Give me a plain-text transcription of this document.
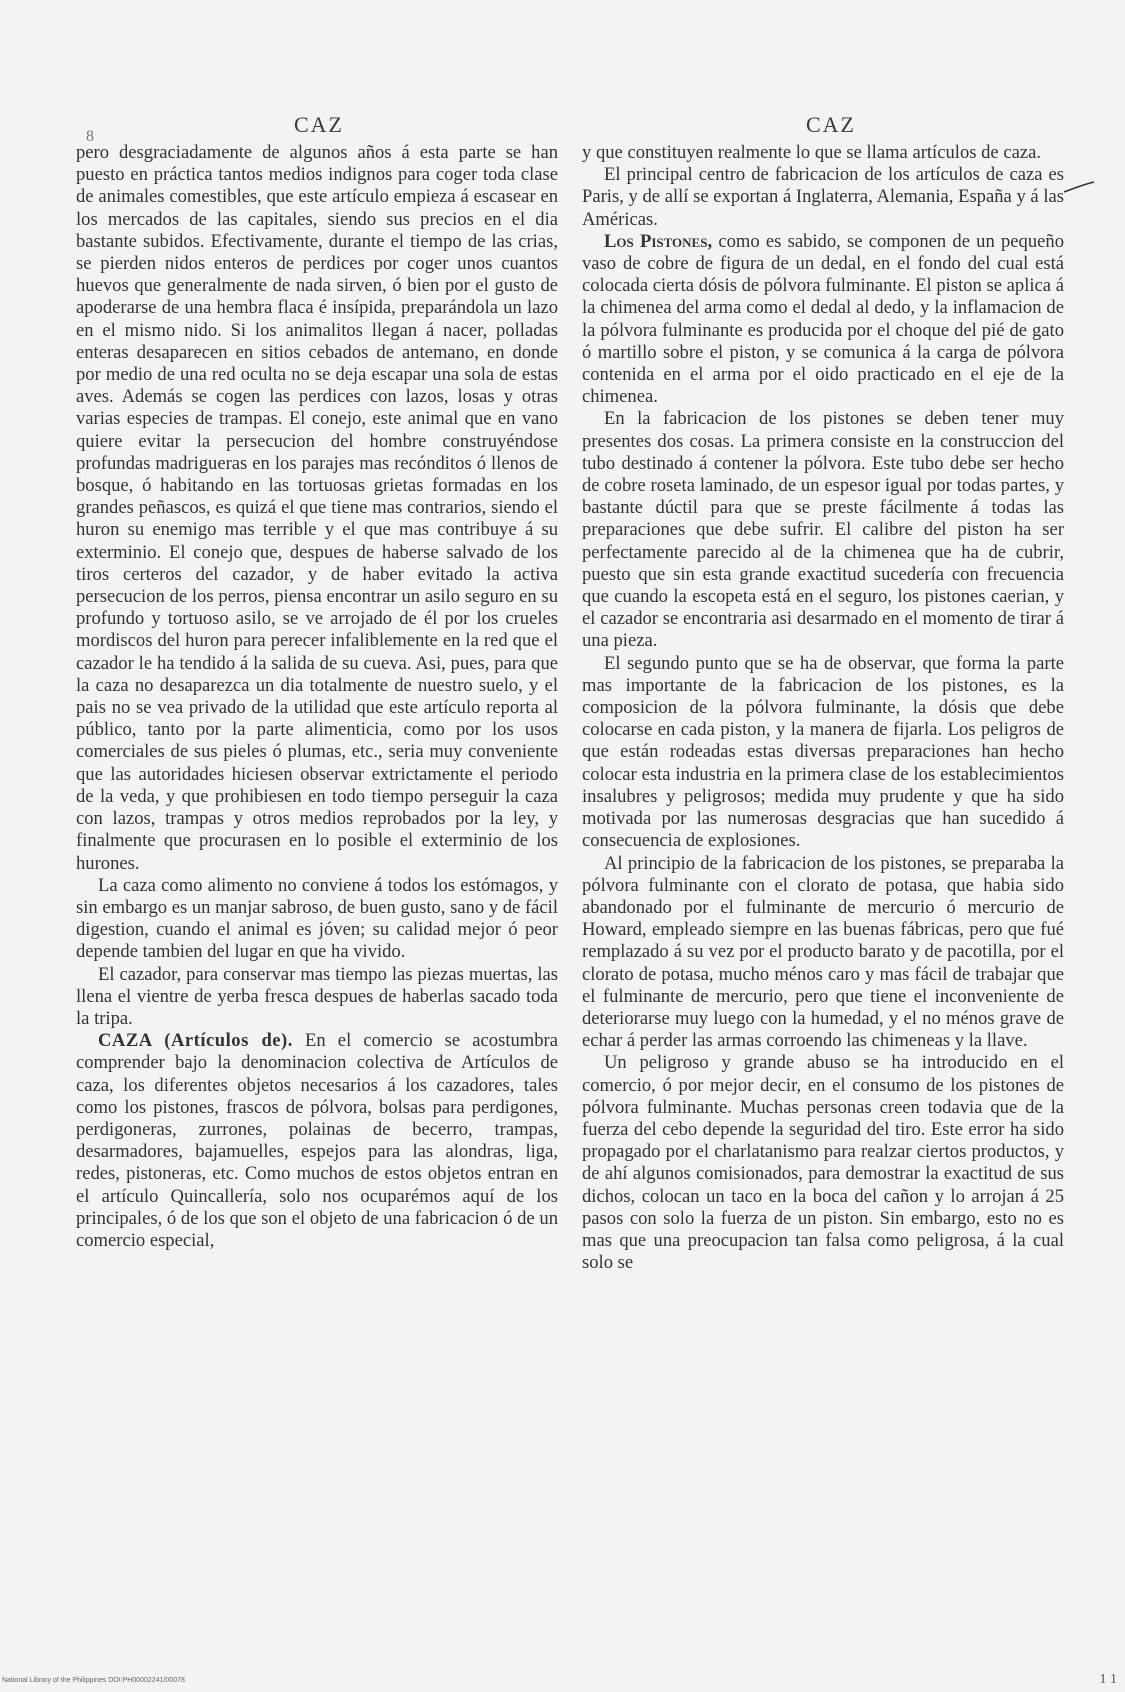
8	CAZ	CAZ

pero desgraciadamente de algunos años á esta parte se han puesto en práctica tantos medios indignos para coger toda clase de animales comestibles, que este artículo empieza á escasear en los mercados de las capitales, siendo sus precios en el dia bastante subidos. Efectivamente, durante el tiempo de las crias, se pierden nidos enteros de perdices por coger unos cuantos huevos que generalmente de nada sirven, ó bien por el gusto de apoderarse de una hembra flaca é insípida, preparándola un lazo en el mismo nido. Si los animalitos llegan á nacer, polladas enteras desaparecen en sitios cebados de antemano, en donde por medio de una red oculta no se deja escapar una sola de estas aves. Además se cogen las perdices con lazos, losas y otras varias especies de trampas. El conejo, este animal que en vano quiere evitar la persecucion del hombre construyéndose profundas madrigueras en los parajes mas recónditos ó llenos de bosque, ó habitando en las tortuosas grietas formadas en los grandes peñascos, es quizá el que tiene mas contrarios, siendo el huron su enemigo mas terrible y el que mas contribuye á su exterminio. El conejo que, despues de haberse salvado de los tiros certeros del cazador, y de haber evitado la activa persecucion de los perros, piensa encontrar un asilo seguro en su profundo y tortuoso asilo, se ve arrojado de él por los crueles mordiscos del huron para perecer infaliblemente en la red que el cazador le ha tendido á la salida de su cueva. Asi, pues, para que la caza no desaparezca un dia totalmente de nuestro suelo, y el pais no se vea privado de la utilidad que este artículo reporta al público, tanto por la parte alimenticia, como por los usos comerciales de sus pieles ó plumas, etc., seria muy conveniente que las autoridades hiciesen observar extrictamente el periodo de la veda, y que prohibiesen en todo tiempo perseguir la caza con lazos, trampas y otros medios reprobados por la ley, y finalmente que procurasen en lo posible el exterminio de los hurones.

La caza como alimento no conviene á todos los estómagos, y sin embargo es un manjar sabroso, de buen gusto, sano y de fácil digestion, cuando el animal es jóven; su calidad mejor ó peor depende tambien del lugar en que ha vivido.

El cazador, para conservar mas tiempo las piezas muertas, las llena el vientre de yerba fresca despues de haberlas sacado toda la tripa.

CAZA (Artículos de). En el comercio se acostumbra comprender bajo la denominacion colectiva de Artículos de caza, los diferentes objetos necesarios á los cazadores, tales como los pistones, frascos de pólvora, bolsas para perdigones, perdigoneras, zurrones, polainas de becerro, trampas, desarmadores, bajamuelles, espejos para las alondras, liga, redes, pistoneras, etc. Como muchos de estos objetos entran en el artículo Quincallería, solo nos ocuparémos aquí de los principales, ó de los que son el objeto de una fabricacion ó de un comercio especial,

y que constituyen realmente lo que se llama artículos de caza.

El principal centro de fabricacion de los artículos de caza es Paris, y de allí se exportan á Inglaterra, Alemania, España y á las Américas.

Los Pistones, como es sabido, se componen de un pequeño vaso de cobre de figura de un dedal, en el fondo del cual está colocada cierta dósis de pólvora fulminante. El piston se aplica á la chimenea del arma como el dedal al dedo, y la inflamacion de la pólvora fulminante es producida por el choque del pié de gato ó martillo sobre el piston, y se comunica á la carga de pólvora contenida en el arma por el oido practicado en el eje de la chimenea.

En la fabricacion de los pistones se deben tener muy presentes dos cosas. La primera consiste en la construccion del tubo destinado á contener la pólvora. Este tubo debe ser hecho de cobre roseta laminado, de un espesor igual por todas partes, y bastante dúctil para que se preste fácilmente á todas las preparaciones que debe sufrir. El calibre del piston ha ser perfectamente parecido al de la chimenea que ha de cubrir, puesto que sin esta grande exactitud sucedería con frecuencia que cuando la escopeta está en el seguro, los pistones caerian, y el cazador se encontraria asi desarmado en el momento de tirar á una pieza.

El segundo punto que se ha de observar, que forma la parte mas importante de la fabricacion de los pistones, es la composicion de la pólvora fulminante, la dósis que debe colocarse en cada piston, y la manera de fijarla. Los peligros de que están rodeadas estas diversas preparaciones han hecho colocar esta industria en la primera clase de los establecimientos insalubres y peligrosos; medida muy prudente y que ha sido motivada por las numerosas desgracias que han sucedido á consecuencia de explosiones.

Al principio de la fabricacion de los pistones, se preparaba la pólvora fulminante con el clorato de potasa, que habia sido abandonado por el fulminante de mercurio ó mercurio de Howard, empleado siempre en las buenas fábricas, pero que fué remplazado á su vez por el producto barato y de pacotilla, por el clorato de potasa, mucho ménos caro y mas fácil de trabajar que el fulminante de mercurio, pero que tiene el inconveniente de deteriorarse muy luego con la humedad, y el no ménos grave de echar á perder las armas corroendo las chimeneas y la llave.

Un peligroso y grande abuso se ha introducido en el comercio, ó por mejor decir, en el consumo de los pistones de pólvora fulminante. Muchas personas creen todavia que de la fuerza del cebo depende la seguridad del tiro. Este error ha sido propagado por el charlatanismo para realzar ciertos productos, y de ahí algunos comisionados, para demostrar la exactitud de sus dichos, colocan un taco en la boca del cañon y lo arrojan á 25 pasos con solo la fuerza de un piston. Sin embargo, esto no es mas que una preocupacion tan falsa como peligrosa, á la cual solo se

National Library of the Philippines DOI:PH00002241/00078	1 1
